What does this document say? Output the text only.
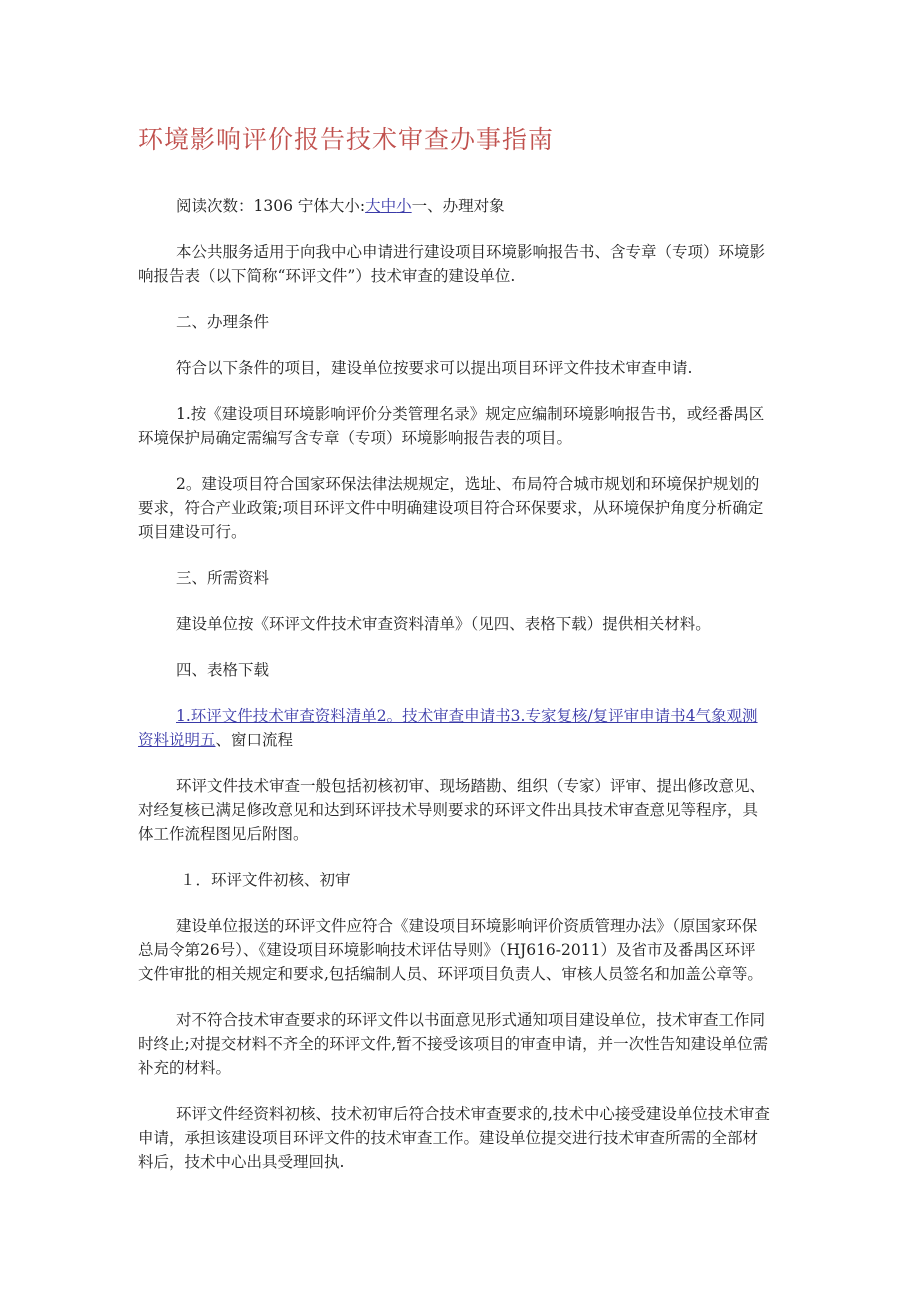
环境影响评价报告技术审查办事指南

阅读次数：1306 宁体大小:大中小一、办理对象

本公共服务适用于向我中心申请进行建设项目环境影响报告书、含专章（专项）环境影响报告表（以下简称“环评文件”）技术审查的建设单位.

二、办理条件

符合以下条件的项目，建设单位按要求可以提出项目环评文件技术审查申请.

1.按《建设项目环境影响评价分类管理名录》规定应编制环境影响报告书，或经番禺区环境保护局确定需编写含专章（专项）环境影响报告表的项目。

2。建设项目符合国家环保法律法规规定，选址、布局符合城市规划和环境保护规划的要求，符合产业政策;项目环评文件中明确建设项目符合环保要求，从环境保护角度分析确定项目建设可行。

三、所需资料

建设单位按《环评文件技术审查资料清单》（见四、表格下载）提供相关材料。

四、表格下载

1.环评文件技术审查资料清单2。技术审查申请书3.专家复核/复评审申请书4气象观测资料说明五、窗口流程

环评文件技术审查一般包括初核初审、现场踏勘、组织（专家）评审、提出修改意见、对经复核已满足修改意见和达到环评技术导则要求的环评文件出具技术审查意见等程序，具体工作流程图见后附图。

１．环评文件初核、初审

建设单位报送的环评文件应符合《建设项目环境影响评价资质管理办法》（原国家环保总局令第26号）、《建设项目环境影响技术评估导则》（HJ616-2011）及省市及番禺区环评文件审批的相关规定和要求,包括编制人员、环评项目负责人、审核人员签名和加盖公章等。

对不符合技术审查要求的环评文件以书面意见形式通知项目建设单位，技术审查工作同时终止;对提交材料不齐全的环评文件,暂不接受该项目的审查申请，并一次性告知建设单位需补充的材料。

环评文件经资料初核、技术初审后符合技术审查要求的,技术中心接受建设单位技术审查申请，承担该建设项目环评文件的技术审查工作。建设单位提交进行技术审查所需的全部材料后，技术中心出具受理回执.
